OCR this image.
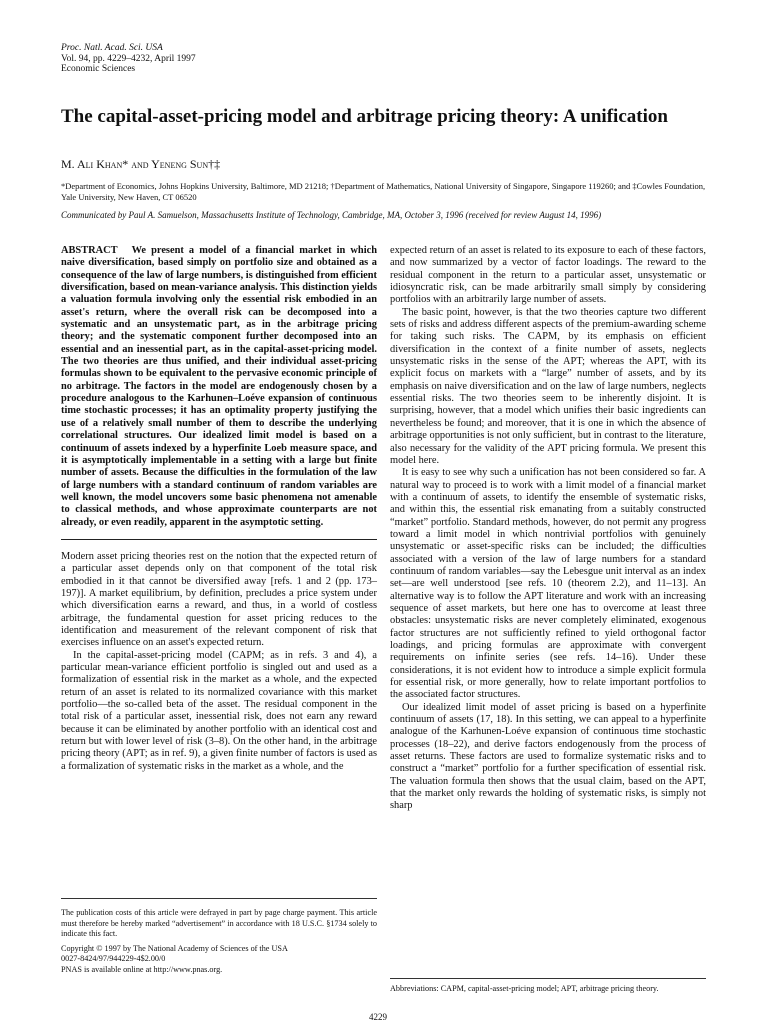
Proc. Natl. Acad. Sci. USA
Vol. 94, pp. 4229–4232, April 1997
Economic Sciences
The capital-asset-pricing model and arbitrage pricing theory: A unification
M. Ali Khan* and Yeneng Sun†‡
*Department of Economics, Johns Hopkins University, Baltimore, MD 21218; †Department of Mathematics, National University of Singapore, Singapore 119260; and ‡Cowles Foundation, Yale University, New Haven, CT 06520
Communicated by Paul A. Samuelson, Massachusetts Institute of Technology, Cambridge, MA, October 3, 1996 (received for review August 14, 1996)

ABSTRACT We present a model of a financial market in which naive diversification, based simply on portfolio size and obtained as a consequence of the law of large numbers, is distinguished from efficient diversification, based on mean-variance analysis. This distinction yields a valuation formula involving only the essential risk embodied in an asset's return, where the overall risk can be decomposed into a systematic and an unsystematic part, as in the arbitrage pricing theory; and the systematic component further decomposed into an essential and an inessential part, as in the capital-asset-pricing model. The two theories are thus unified, and their individual asset-pricing formulas shown to be equivalent to the pervasive economic principle of no arbitrage. The factors in the model are endogenously chosen by a procedure analogous to the Karhunen–Loéve expansion of continuous time stochastic processes; it has an optimality property justifying the use of a relatively small number of them to describe the underlying correlational structures. Our idealized limit model is based on a continuum of assets indexed by a hyperfinite Loeb measure space, and it is asymptotically implementable in a setting with a large but finite number of assets. Because the difficulties in the formulation of the law of large numbers with a standard continuum of random variables are well known, the model uncovers some basic phenomena not amenable to classical methods, and whose approximate counterparts are not already, or even readily, apparent in the asymptotic setting.

Modern asset pricing theories rest on the notion that the expected return of a particular asset depends only on that component of the total risk embodied in it that cannot be diversified away [refs. 1 and 2 (pp. 173–197)]. A market equilibrium, by definition, precludes a price system under which diversification earns a reward, and thus, in a world of costless arbitrage, the fundamental question for asset pricing reduces to the identification and measurement of the relevant component of risk that exercises influence on an asset's expected return.

In the capital-asset-pricing model (CAPM; as in refs. 3 and 4), a particular mean-variance efficient portfolio is singled out and used as a formalization of essential risk in the market as a whole, and the expected return of an asset is related to its normalized covariance with this market portfolio—the so-called beta of the asset. The residual component in the total risk of a particular asset, inessential risk, does not earn any reward because it can be eliminated by another portfolio with an identical cost and return but with lower level of risk (3–8). On the other hand, in the arbitrage pricing theory (APT; as in ref. 9), a given finite number of factors is used as a formalization of systematic risks in the market as a whole, and the

expected return of an asset is related to its exposure to each of these factors, and now summarized by a vector of factor loadings. The reward to the residual component in the return to a particular asset, unsystematic or idiosyncratic risk, can be made arbitrarily small simply by considering portfolios with an arbitrarily large number of assets.

The basic point, however, is that the two theories capture two different sets of risks and address different aspects of the premium-awarding scheme for taking such risks. The CAPM, by its emphasis on efficient diversification in the context of a finite number of assets, neglects unsystematic risks in the sense of the APT; whereas the APT, with its explicit focus on markets with a “large” number of assets, and by its emphasis on naive diversification and on the law of large numbers, neglects essential risks. The two theories seem to be inherently disjoint. It is surprising, however, that a model which unifies their basic ingredients can nevertheless be found; and moreover, that it is one in which the absence of arbitrage opportunities is not only sufficient, but in contrast to the literature, also necessary for the validity of the APT pricing formula. We present this model here.

It is easy to see why such a unification has not been considered so far. A natural way to proceed is to work with a limit model of a financial market with a continuum of assets, to identify the ensemble of systematic risks, and within this, the essential risk emanating from a suitably constructed “market” portfolio. Standard methods, however, do not permit any progress toward a limit model in which nontrivial portfolios with genuinely unsystematic or asset-specific risks can be included; the difficulties associated with a version of the law of large numbers for a standard continuum of random variables—say the Lebesgue unit interval as an index set—are well understood [see refs. 10 (theorem 2.2), and 11–13]. An alternative way is to follow the APT literature and work with an increasing sequence of asset markets, but here one has to overcome at least three obstacles: unsystematic risks are never completely eliminated, exogenous factor structures are not sufficiently refined to yield orthogonal factor loadings, and pricing formulas are approximate with convergent requirements on infinite series (see refs. 14–16). Under these considerations, it is not evident how to introduce a simple explicit formula for essential risk, or more generally, how to relate important portfolios to the associated factor structures.

Our idealized limit model of asset pricing is based on a hyperfinite continuum of assets (17, 18). In this setting, we can appeal to a hyperfinite analogue of the Karhunen-Loéve expansion of continuous time stochastic processes (18–22), and derive factors endogenously from the process of asset returns. These factors are used to formalize systematic risks and to construct a “market” portfolio for a further specification of essential risk. The valuation formula then shows that the usual claim, based on the APT, that the market only rewards the holding of systematic risks, is simply not sharp

The publication costs of this article were defrayed in part by page charge payment. This article must therefore be hereby marked “advertisement” in accordance with 18 U.S.C. §1734 solely to indicate this fact.
Copyright © 1997 by The National Academy of Sciences of the USA
0027-8424/97/944229-4$2.00/0
PNAS is available online at http://www.pnas.org.
Abbreviations: CAPM, capital-asset-pricing model; APT, arbitrage pricing theory.
4229
